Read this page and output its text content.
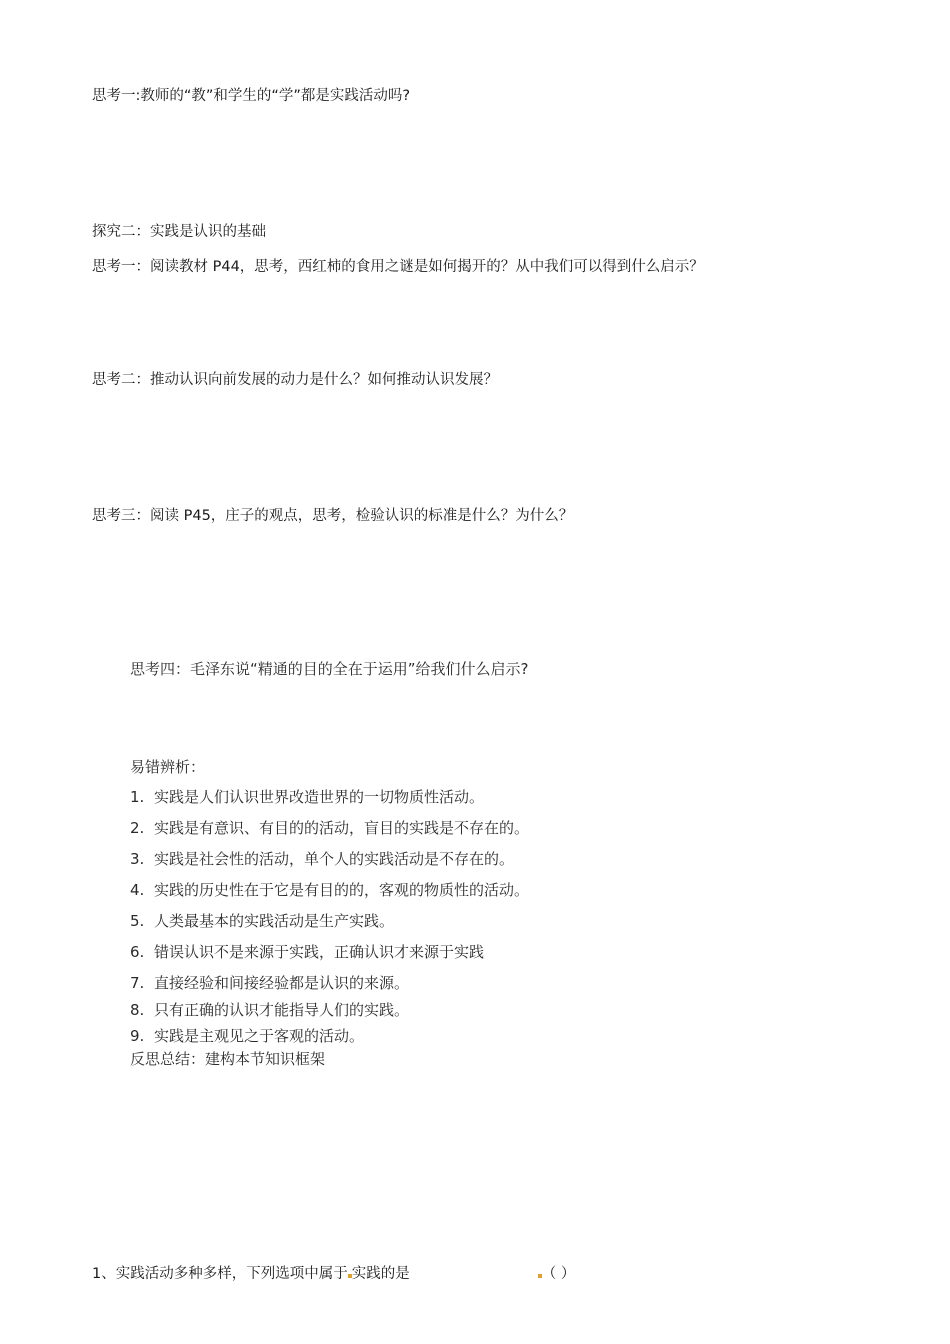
思考一:教师的“教”和学生的“学”都是实践活动吗?
探究二：实践是认识的基础
思考一：阅读教材 P44，思考，西红柿的食用之谜是如何揭开的？从中我们可以得到什么启示？
思考二：推动认识向前发展的动力是什么？如何推动认识发展？
思考三：阅读 P45，庄子的观点，思考，检验认识的标准是什么？为什么？
思考四：毛泽东说“精通的目的全在于运用”给我们什么启示?
易错辨析：
1. 实践是人们认识世界改造世界的一切物质性活动。
2. 实践是有意识、有目的的活动，盲目的实践是不存在的。
3. 实践是社会性的活动，单个人的实践活动是不存在的。
4. 实践的历史性在于它是有目的的，客观的物质性的活动。
5. 人类最基本的实践活动是生产实践。
6. 错误认识不是来源于实践，正确认识才来源于实践
7. 直接经验和间接经验都是认识的来源。
8. 只有正确的认识才能指导人们的实践。
9. 实践是主观见之于客观的活动。
反思总结：建构本节知识框架
1、实践活动多种多样，下列选项中属于 实践的是	（ ）
